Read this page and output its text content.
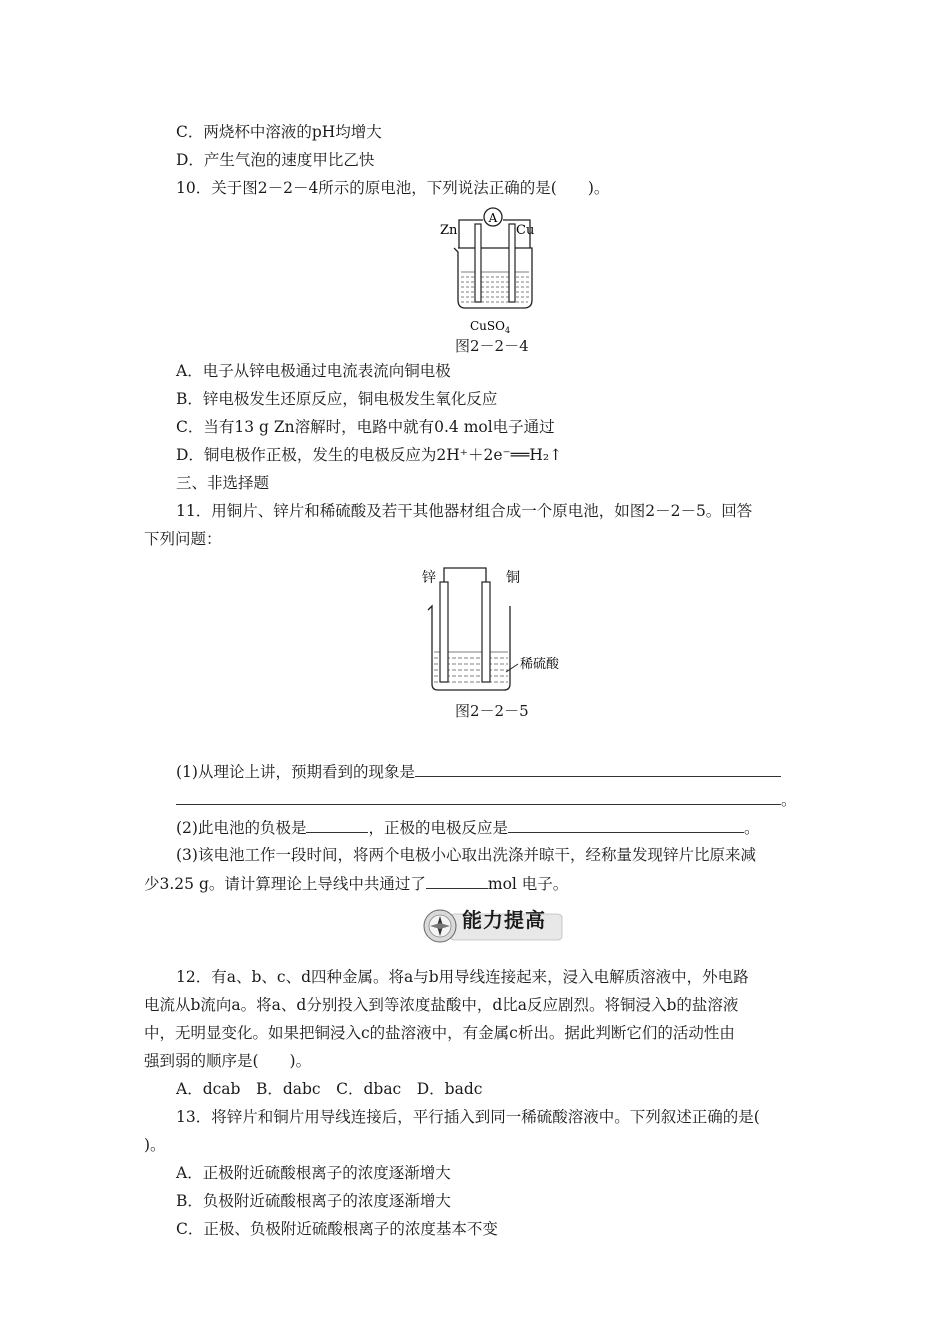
C．两烧杯中溶液的pH均增大
D．产生气泡的速度甲比乙快
10．关于图2－2－4所示的原电池，下列说法正确的是(　　)。
A
Zn	Cu
CuSO$_4$
图2－2－4
A．电子从锌电极通过电流表流向铜电极
B．锌电极发生还原反应，铜电极发生氧化反应
C．当有13 g Zn溶解时，电路中就有0.4 mol电子通过
D．铜电极作正极，发生的电极反应为2H⁺＋2e⁻══H₂↑
三、非选择题
11．用铜片、锌片和稀硫酸及若干其他器材组合成一个原电池，如图2－2－5。回答
下列问题：
锌	铜
稀硫酸
图2－2－5
(1)从理论上讲，预期看到的现象是
。
(2)此电池的负极是	，正极的电极反应是	。
(3)该电池工作一段时间，将两个电极小心取出洗涤并晾干，经称量发现锌片比原来减
少3.25 g。请计算理论上导线中共通过了	mol 电子。
能力提高
12．有a、b、c、d四种金属。将a与b用导线连接起来，浸入电解质溶液中，外电路
电流从b流向a。将a、d分别投入到等浓度盐酸中，d比a反应剧烈。将铜浸入b的盐溶液
中，无明显变化。如果把铜浸入c的盐溶液中，有金属c析出。据此判断它们的活动性由
强到弱的顺序是(　　)。
A．dcab　B．dabc　C．dbac　D．badc
13．将锌片和铜片用导线连接后，平行插入到同一稀硫酸溶液中。下列叙述正确的是(
)。
A．正极附近硫酸根离子的浓度逐渐增大
B．负极附近硫酸根离子的浓度逐渐增大
C．正极、负极附近硫酸根离子的浓度基本不变
